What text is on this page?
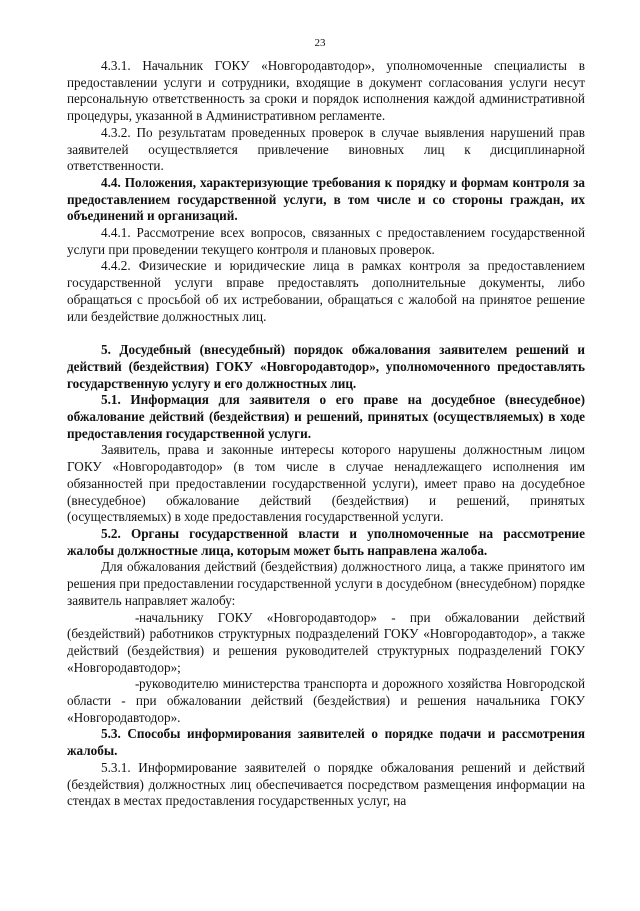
23

4.3.1. Начальник ГОКУ «Новгородавтодор», уполномоченные специалисты в предоставлении услуги и сотрудники, входящие в документ согласования услуги несут персональную ответственность за сроки и порядок исполнения каждой административной процедуры, указанной в Административном регламенте.

4.3.2. По результатам проведенных проверок в случае выявления нарушений прав заявителей осуществляется привлечение виновных лиц к дисциплинарной ответственности.

4.4. Положения, характеризующие требования к порядку и формам контроля за предоставлением государственной услуги, в том числе и со стороны граждан, их объединений и организаций.

4.4.1. Рассмотрение всех вопросов, связанных с предоставлением государственной услуги при проведении текущего контроля и плановых проверок.

4.4.2. Физические и юридические лица в рамках контроля за предоставлением государственной услуги вправе предоставлять дополнительные документы, либо обращаться с просьбой об их истребовании, обращаться с жалобой на принятое решение или бездействие должностных лиц.

5. Досудебный (внесудебный) порядок обжалования заявителем решений и действий (бездействия) ГОКУ «Новгородавтодор», уполномоченного предоставлять государственную услугу и его должностных лиц.

5.1. Информация для заявителя о его праве на досудебное (внесудебное) обжалование действий (бездействия) и решений, принятых (осуществляемых) в ходе предоставления государственной услуги.

Заявитель, права и законные интересы которого нарушены должностным лицом ГОКУ «Новгородавтодор» (в том числе в случае ненадлежащего исполнения им обязанностей при предоставлении государственной услуги), имеет право на досудебное (внесудебное) обжалование действий (бездействия) и решений, принятых (осуществляемых) в ходе предоставления государственной услуги.

5.2. Органы государственной власти и уполномоченные на рассмотрение жалобы должностные лица, которым может быть направлена жалоба.

Для обжалования действий (бездействия) должностного лица, а также принятого им решения при предоставлении государственной услуги в досудебном (внесудебном) порядке заявитель направляет жалобу:

-начальнику ГОКУ «Новгородавтодор» - при обжаловании действий (бездействий) работников структурных подразделений ГОКУ «Новгородавтодор», а также действий (бездействия) и решения руководителей структурных подразделений ГОКУ «Новгородавтодор»;

-руководителю министерства транспорта и дорожного хозяйства Новгородской области - при обжаловании действий (бездействия) и решения начальника ГОКУ «Новгородавтодор».

5.3. Способы информирования заявителей о порядке подачи и рассмотрения жалобы.

5.3.1. Информирование заявителей о порядке обжалования решений и действий (бездействия) должностных лиц обеспечивается посредством размещения информации на стендах в местах предоставления государственных услуг, на
